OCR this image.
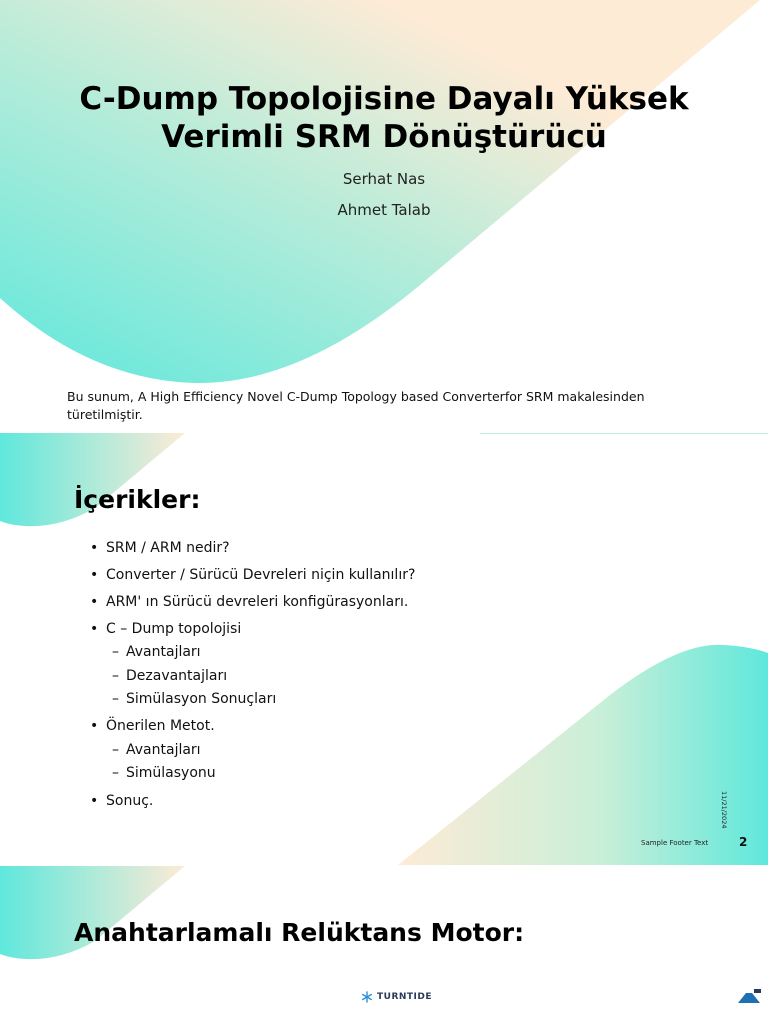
C-Dump Topolojisine Dayalı Yüksek
Verimli SRM Dönüştürücü
Serhat Nas
Ahmet Talab
Bu sunum, A High Efficiency Novel C-Dump Topology based Converterfor SRM makalesinden türetilmiştir.
İçerikler:
• SRM / ARM nedir?
• Converter / Sürücü Devreleri niçin kullanılır?
• ARM' ın Sürücü devreleri konfigürasyonları.
• C – Dump topolojisi
– Avantajları
– Dezavantajları
– Simülasyon Sonuçları
• Önerilen Metot.
– Avantajları
– Simülasyonu
• Sonuç.	11/21/2024
Sample Footer Text	2
Anahtarlamalı Relüktans Motor:
TURNTIDE
